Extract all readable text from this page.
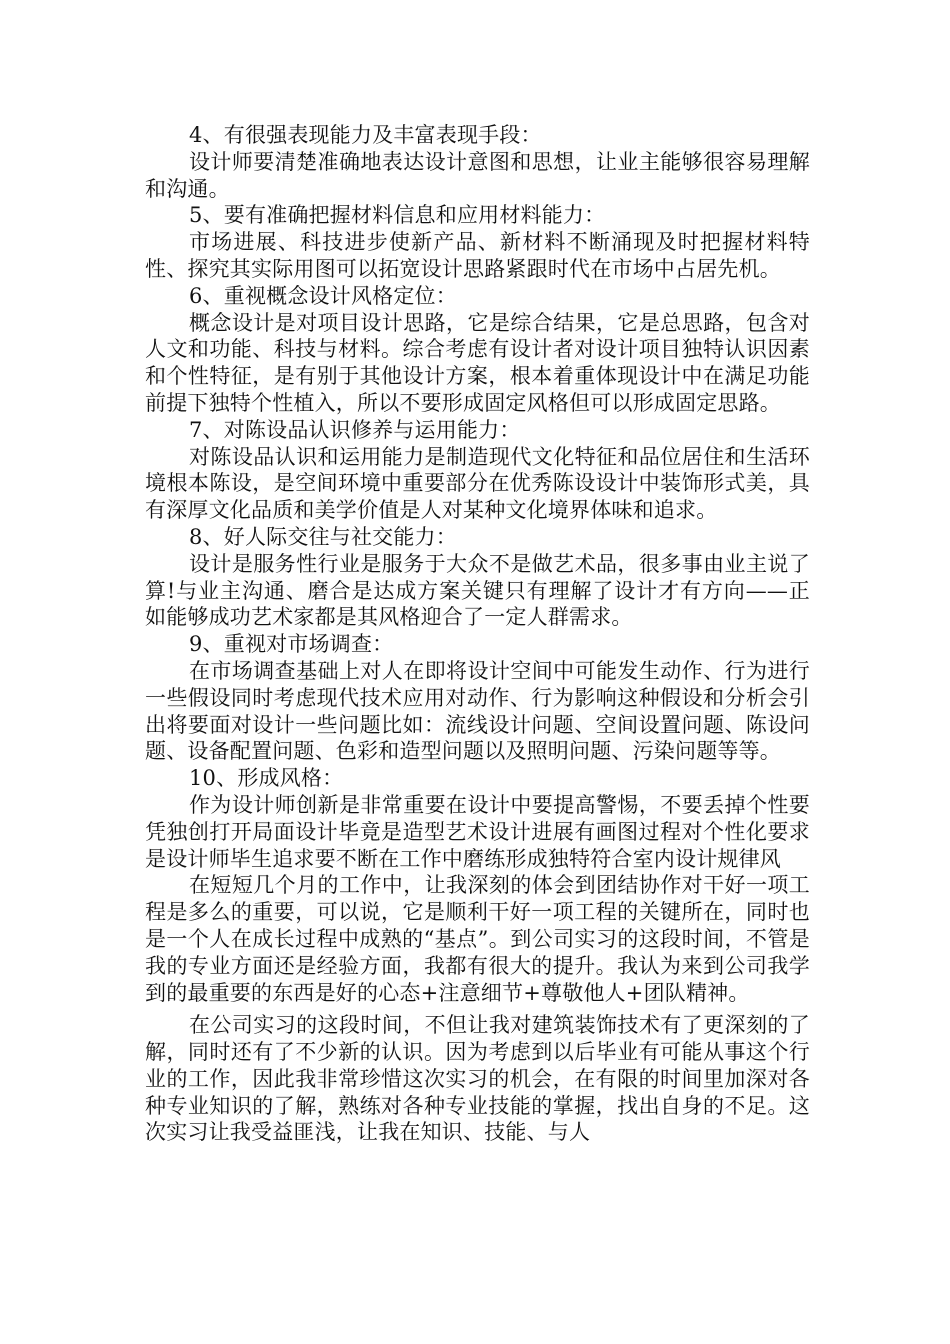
4、有很强表现能力及丰富表现手段：

设计师要清楚准确地表达设计意图和思想，让业主能够很容易理解和沟通。

5、要有准确把握材料信息和应用材料能力：

市场进展、科技进步使新产品、新材料不断涌现及时把握材料特性、探究其实际用图可以拓宽设计思路紧跟时代在市场中占居先机。

6、重视概念设计风格定位：

概念设计是对项目设计思路，它是综合结果，它是总思路，包含对人文和功能、科技与材料。综合考虑有设计者对设计项目独特认识因素和个性特征，是有别于其他设计方案，根本着重体现设计中在满足功能前提下独特个性植入，所以不要形成固定风格但可以形成固定思路。

7、对陈设品认识修养与运用能力：

对陈设品认识和运用能力是制造现代文化特征和品位居住和生活环境根本陈设，是空间环境中重要部分在优秀陈设设计中装饰形式美，具有深厚文化品质和美学价值是人对某种文化境界体味和追求。

8、好人际交往与社交能力：

设计是服务性行业是服务于大众不是做艺术品，很多事由业主说了算!与业主沟通、磨合是达成方案关键只有理解了设计才有方向——正如能够成功艺术家都是其风格迎合了一定人群需求。

9、重视对市场调查：

在市场调查基础上对人在即将设计空间中可能发生动作、行为进行一些假设同时考虑现代技术应用对动作、行为影响这种假设和分析会引出将要面对设计一些问题比如：流线设计问题、空间设置问题、陈设问题、设备配置问题、色彩和造型问题以及照明问题、污染问题等等。

10、形成风格：

作为设计师创新是非常重要在设计中要提高警惕，不要丢掉个性要凭独创打开局面设计毕竟是造型艺术设计进展有画图过程对个性化要求是设计师毕生追求要不断在工作中磨练形成独特符合室内设计规律风

在短短几个月的工作中，让我深刻的体会到团结协作对干好一项工程是多么的重要，可以说，它是顺利干好一项工程的关键所在，同时也是一个人在成长过程中成熟的“基点”。到公司实习的这段时间，不管是我的专业方面还是经验方面，我都有很大的提升。我认为来到公司我学到的最重要的东西是好的心态+注意细节+尊敬他人+团队精神。

在公司实习的这段时间，不但让我对建筑装饰技术有了更深刻的了解，同时还有了不少新的认识。因为考虑到以后毕业有可能从事这个行业的工作，因此我非常珍惜这次实习的机会，在有限的时间里加深对各种专业知识的了解，熟练对各种专业技能的掌握，找出自身的不足。这次实习让我受益匪浅，让我在知识、技能、与人
